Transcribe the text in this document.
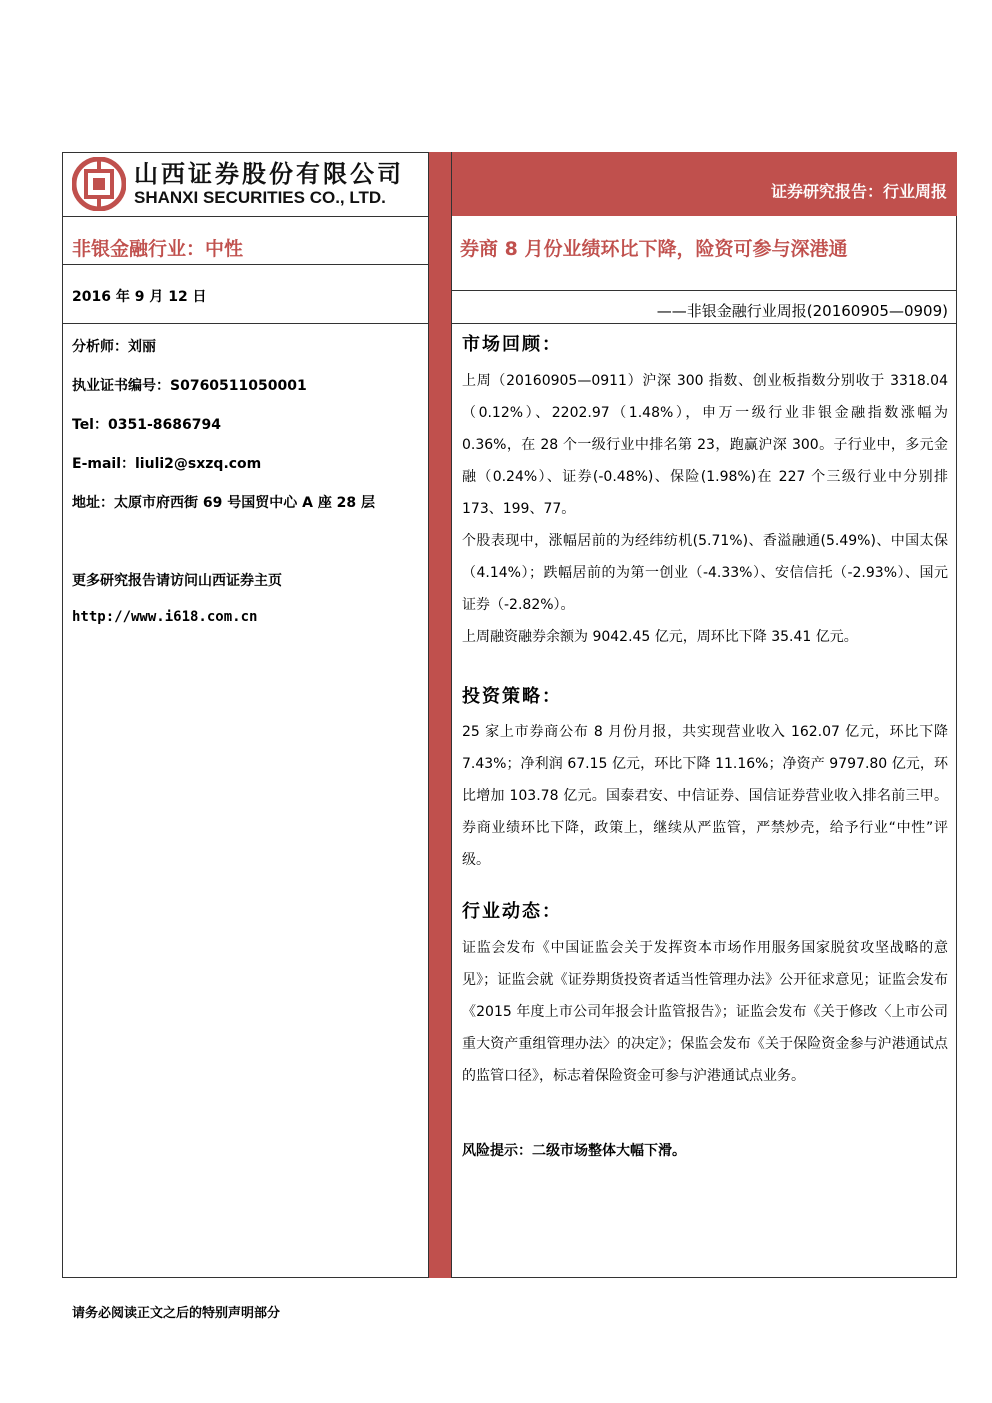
山西证券股份有限公司
SHANXI SECURITIES CO., LTD.	证券研究报告：行业周报
非银金融行业：中性	券商 8 月份业绩环比下降，险资可参与深港通
2016 年 9 月 12 日
——非银金融行业周报(20160905—0909)
分析师：刘丽
执业证书编号：S0760511050001
Tel：0351-8686794
E-mail：liuli2@sxzq.com
地址：太原市府西街 69 号国贸中心 A 座 28 层
更多研究报告请访问山西证券主页
http://www.i618.com.cn
市场回顾：

上周（20160905—0911）沪深 300 指数、创业板指数分别收于 3318.04（0.12%）、2202.97（1.48%），申万一级行业非银金融指数涨幅为 0.36%，在 28 个一级行业中排名第 23，跑赢沪深 300。子行业中，多元金融（0.24%）、证券(-0.48%)、保险(1.98%)在 227 个三级行业中分别排 173、199、77。

个股表现中，涨幅居前的为经纬纺机(5.71%)、香溢融通(5.49%)、中国太保（4.14%）；跌幅居前的为第一创业（-4.33%）、安信信托（-2.93%）、国元证券（-2.82%）。

上周融资融券余额为 9042.45 亿元，周环比下降 35.41 亿元。

投资策略：

25 家上市券商公布 8 月份月报，共实现营业收入 162.07 亿元，环比下降 7.43%；净利润 67.15 亿元，环比下降 11.16%；净资产 9797.80 亿元，环比增加 103.78 亿元。国泰君安、中信证券、国信证券营业收入排名前三甲。券商业绩环比下降，政策上，继续从严监管，严禁炒壳，给予行业“中性”评级。

行业动态：

证监会发布《中国证监会关于发挥资本市场作用服务国家脱贫攻坚战略的意见》；证监会就《证券期货投资者适当性管理办法》公开征求意见；证监会发布《2015 年度上市公司年报会计监管报告》；证监会发布《关于修改〈上市公司重大资产重组管理办法〉的决定》；保监会发布《关于保险资金参与沪港通试点的监管口径》，标志着保险资金可参与沪港通试点业务。

风险提示：二级市场整体大幅下滑。
请务必阅读正文之后的特别声明部分
